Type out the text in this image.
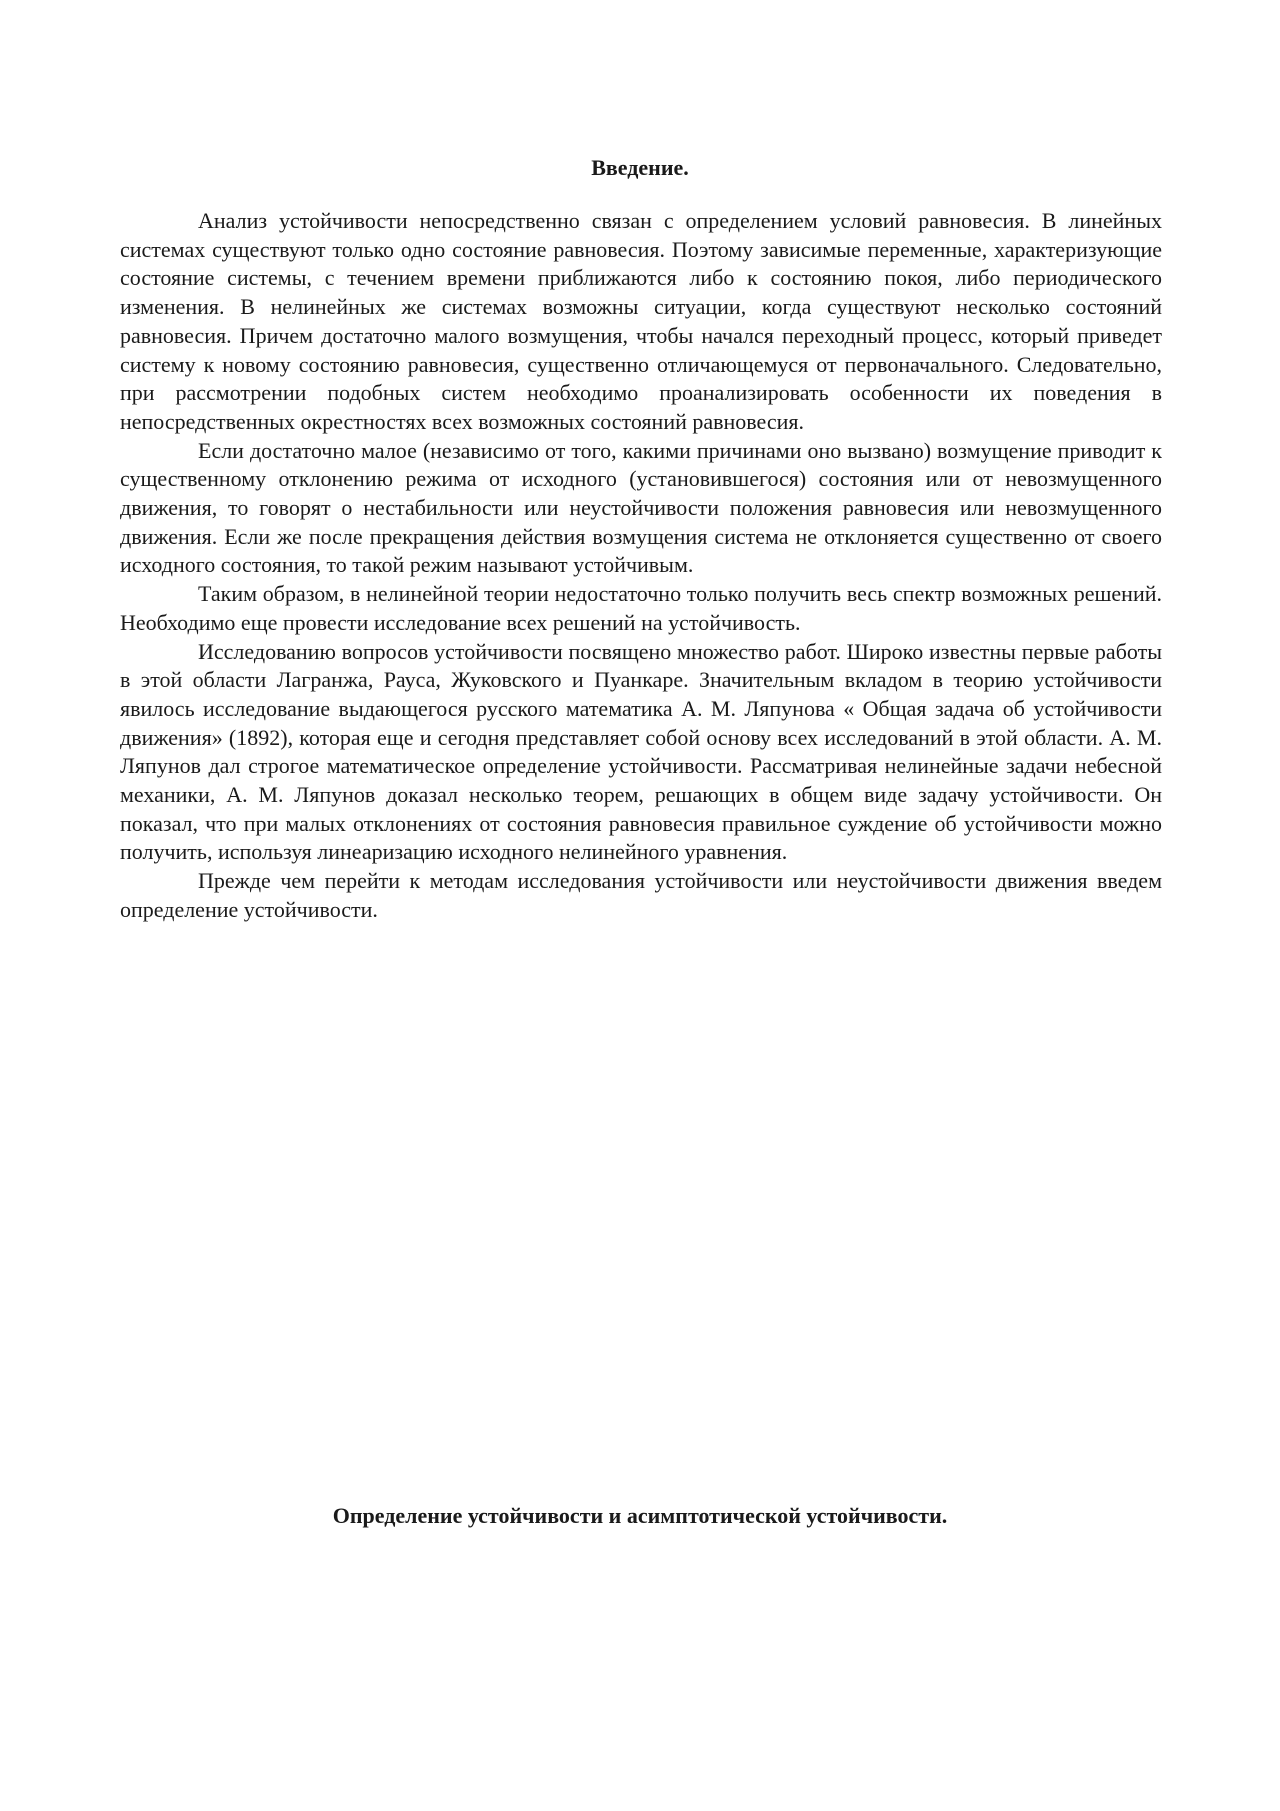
Введение.

Анализ устойчивости непосредственно связан с определением условий равновесия. В линейных системах существуют только одно состояние равновесия. Поэтому зависимые переменные, характеризующие состояние системы, с течением времени приближаются либо к состоянию покоя, либо периодического изменения. В нелинейных же системах возможны ситуации, когда существуют несколько состояний равновесия. Причем достаточно малого возмущения, чтобы начался переходный процесс, который приведет систему к новому состоянию равновесия, существенно отличающемуся от первоначального. Следовательно, при рассмотрении подобных систем необходимо проанализировать особенности их поведения в непосредственных окрестностях всех возможных состояний равновесия.

Если достаточно малое (независимо от того, какими причинами оно вызвано) возмущение приводит к существенному отклонению режима от исходного (установившегося) состояния или от невозмущенного движения, то говорят о нестабильности или неустойчивости положения равновесия или невозмущенного движения. Если же после прекращения действия возмущения система не отклоняется существенно от своего исходного состояния, то такой режим называют устойчивым.

Таким образом, в нелинейной теории недостаточно только получить весь спектр возможных решений. Необходимо еще провести исследование всех решений на устойчивость.

Исследованию вопросов устойчивости посвящено множество работ. Широко известны первые работы в этой области Лагранжа, Рауса, Жуковского и Пуанкаре. Значительным вкладом в теорию устойчивости явилось исследование выдающегося русского математика А. М. Ляпунова « Общая задача об устойчивости движения» (1892), которая еще и сегодня представляет собой основу всех исследований в этой области. А. М. Ляпунов дал строгое математическое определение устойчивости. Рассматривая нелинейные задачи небесной механики, А. М. Ляпунов доказал несколько теорем, решающих в общем виде задачу устойчивости. Он показал, что при малых отклонениях от состояния равновесия правильное суждение об устойчивости можно получить, используя линеаризацию исходного нелинейного уравнения.

Прежде чем перейти к методам исследования устойчивости или неустойчивости движения введем определение устойчивости.

Определение устойчивости и асимптотической устойчивости.
